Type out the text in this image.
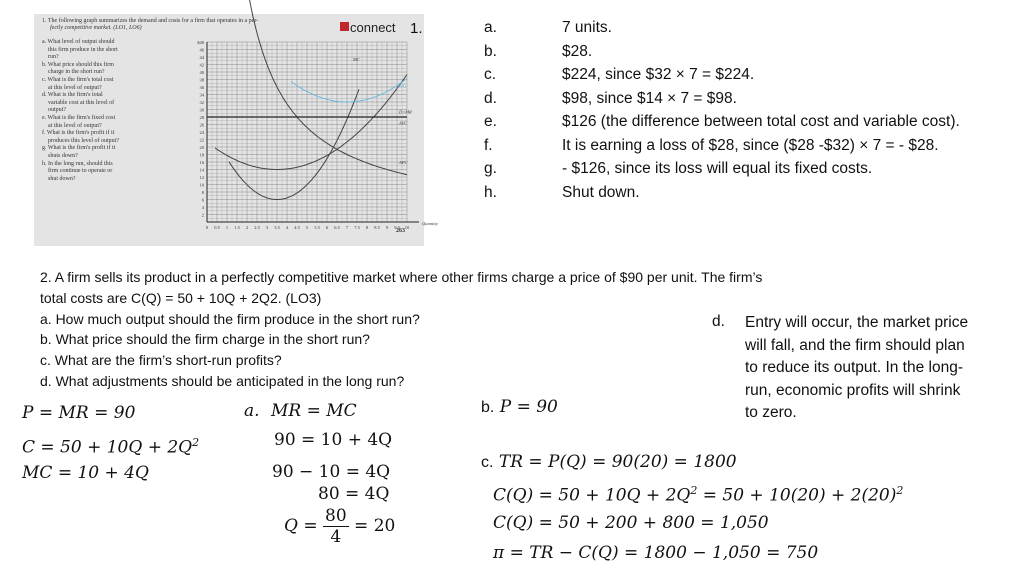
1. The following graph summarizes the demand and costs for a firm that operates in a per-
fectly competitive market. (LO1, LO6)	connect 1.
a. What level of output should
this firm produce in the short
run?
b. What price should this firm
charge in the short run?
c. What is the firm's total cost
at this level of output?
d. What is the firm's total
variable cost at this level of
output?
e. What is the firm's fixed cost
at this level of output?
f. What is the firm's profit if it
produces this level of output?
g. What is the firm's profit if it
shuts down?
h. In the long run, should this
firm continue to operate or
shut down?
$48
46
44
42
40
38
36
34
32
30
28
26
24
22
20
18
16
14
12
10
8
6
4
2
0 0.5 1 1.5 2 2.5 3 3.5 4 4.5 5 5.5 6 6.5 7 7.5 8 8.5 9 9.5 10
Quantity
MC
ATC
D=MR
AVC
AFC
263
a.	7 units.
b.	$28.
c.	$224, since $32 × 7 = $224.
d.	$98, since $14 × 7 = $98.
e.	$126 (the difference between total cost and variable cost).
f.	It is earning a loss of $28, since ($28 -$32) × 7 = - $28.
g.	- $126, since its loss will equal its fixed costs.
h.	Shut down.
2. A firm sells its product in a perfectly competitive market where other firms charge a price of $90 per unit. The firm’s
total costs are C(Q) = 50 + 10Q + 2Q2. (LO3)
a. How much output should the firm produce in the short run?
b. What price should the firm charge in the short run?
c. What are the firm’s short-run profits?
d. What adjustments should be anticipated in the long run?
d. Entry will occur, the market price
will fall, and the firm should plan
to reduce its output. In the long-
run, economic profits will shrink
to zero.
P = MR = 90
$C = 50 + 10Q + 2Q^2$
MC = 10 + 4Q
a. MR = MC
90 = 10 + 4Q
90 − 10 = 4Q
80 = 4Q
$Q = \frac{80}{4} = 20$
b. P = 90
c. TR = P(Q) = 90(20) = 1800
$C(Q) = 50 + 10Q + 2Q^2 = 50 + 10(20) + 2(20)^2$
C(Q) = 50 + 200 + 800 = 1,050
π = TR − C(Q) = 1800 − 1,050 = 750
